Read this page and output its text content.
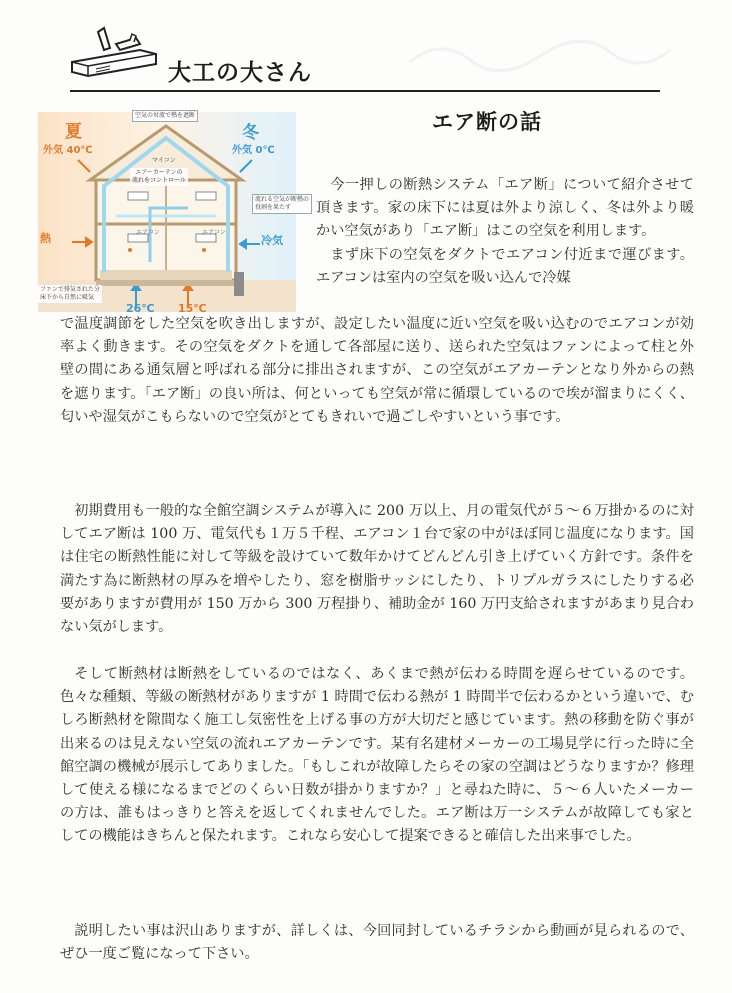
大工の大さん
エア断の話
夏	冬
外気 40℃	外気 0℃
熱	冷気
26℃ 15℃
空気の対流で熱を遮断
マイコン
エアーカーテンの
流れをコントロール
流れる空気が断熱の
役割を果たす
ファンで排気された分
床下から自然に吸気
エアコン	エアコン

今一押しの断熱システム「エア断」について紹介させて頂きます。家の床下には夏は外より涼しく、冬は外より暖かい空気があり「エア断」はこの空気を利用します。

まず床下の空気をダクトでエアコン付近まで運びます。エアコンは室内の空気を吸い込んで冷媒

で温度調節をした空気を吹き出しますが、設定したい温度に近い空気を吸い込むのでエアコンが効率よく動きます。その空気をダクトを通して各部屋に送り、送られた空気はファンによって柱と外壁の間にある通気層と呼ばれる部分に排出されますが、この空気がエアカーテンとなり外からの熱を遮ります。「エア断」の良い所は、何といっても空気が常に循環しているので埃が溜まりにくく、匂いや湿気がこもらないので空気がとてもきれいで過ごしやすいという事です。

初期費用も一般的な全館空調システムが導入に 200 万以上、月の電気代が５～６万掛かるのに対してエア断は 100 万、電気代も１万５千程、エアコン１台で家の中がほぼ同じ温度になります。国は住宅の断熱性能に対して等級を設けていて数年かけてどんどん引き上げていく方針です。条件を満たす為に断熱材の厚みを増やしたり、窓を樹脂サッシにしたり、トリプルガラスにしたりする必要がありますが費用が 150 万から 300 万程掛り、補助金が 160 万円支給されますがあまり見合わない気がします。

そして断熱材は断熱をしているのではなく、あくまで熱が伝わる時間を遅らせているのです。色々な種類、等級の断熱材がありますが 1 時間で伝わる熱が 1 時間半で伝わるかという違いで、むしろ断熱材を隙間なく施工し気密性を上げる事の方が大切だと感じています。熱の移動を防ぐ事が出来るのは見えない空気の流れエアカーテンです。某有名建材メーカーの工場見学に行った時に全館空調の機械が展示してありました。「もしこれが故障したらその家の空調はどうなりますか？修理して使える様になるまでどのくらい日数が掛かりますか？」と尋ねた時に、５～６人いたメーカーの方は、誰もはっきりと答えを返してくれませんでした。エア断は万一システムが故障しても家としての機能はきちんと保たれます。これなら安心して提案できると確信した出来事でした。

説明したい事は沢山ありますが、詳しくは、今回同封しているチラシから動画が見られるので、ぜひ一度ご覧になって下さい。
